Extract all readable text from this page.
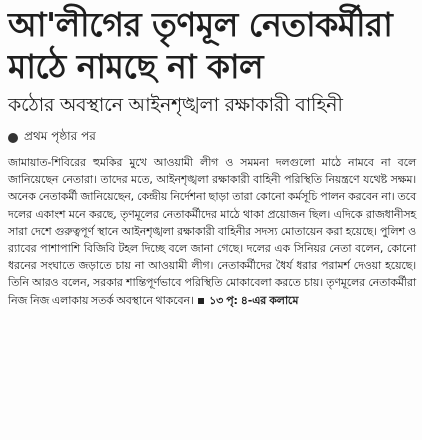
আ'লীগের তৃণমূল নেতাকর্মীরা
মাঠে নামছে না কাল
কঠোর অবস্থানে আইনশৃঙ্খলা রক্ষাকারী বাহিনী
প্রথম পৃষ্ঠার পর
জামায়াত-শিবিরের হুমকির মুখে আওয়ামী লীগ ও সমমনা দলগুলো মাঠে নামবে না বলে জানিয়েছেন নেতারা। তাদের মতে, আইনশৃঙ্খলা রক্ষাকারী বাহিনী পরিস্থিতি নিয়ন্ত্রণে যথেষ্ট সক্ষম। অনেক নেতাকর্মী জানিয়েছেন, কেন্দ্রীয় নির্দেশনা ছাড়া তারা কোনো কর্মসূচি পালন করবেন না। তবে দলের একাংশ মনে করছে, তৃণমূলের নেতাকর্মীদের মাঠে থাকা প্রয়োজন ছিল। এদিকে রাজধানীসহ সারা দেশে গুরুত্বপূর্ণ স্থানে আইনশৃঙ্খলা রক্ষাকারী বাহিনীর সদস্য মোতায়েন করা হয়েছে। পুলিশ ও র‌্যাবের পাশাপাশি বিজিবি টহল দিচ্ছে বলে জানা গেছে। দলের এক সিনিয়র নেতা বলেন, কোনো ধরনের সংঘাতে জড়াতে চায় না আওয়ামী লীগ। নেতাকর্মীদের ধৈর্য ধরার পরামর্শ দেওয়া হয়েছে। তিনি আরও বলেন, সরকার শান্তিপূর্ণভাবে পরিস্থিতি মোকাবেলা করতে চায়। তৃণমূলের নেতাকর্মীরা নিজ নিজ এলাকায় সতর্ক অবস্থানে থাকবেন। ১৩ পৃ: ৪-এর কলামে
